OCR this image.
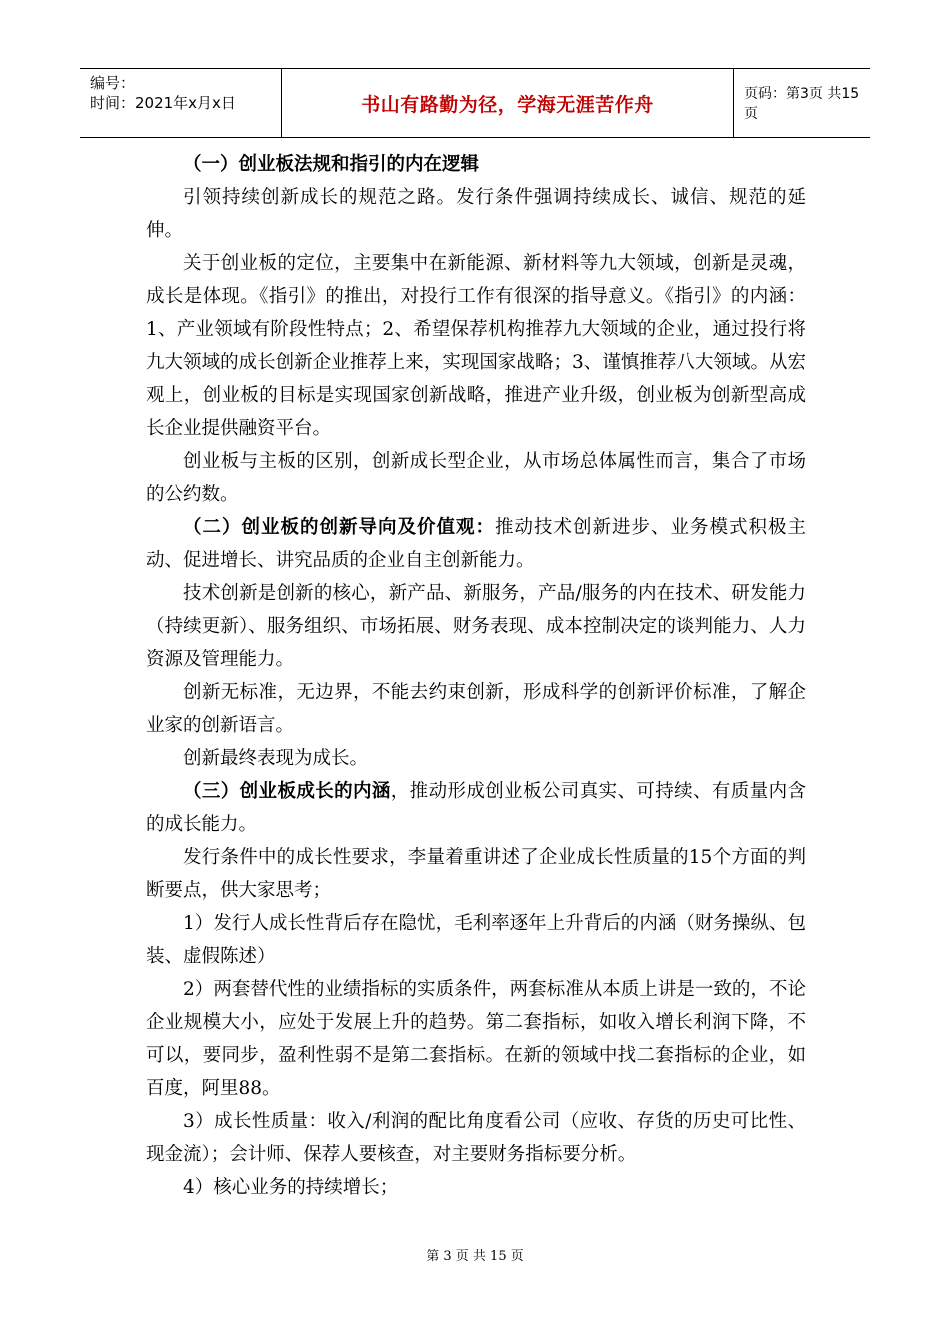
编号：
时间：2021年x月x日	书山有路勤为径，学海无涯苦作舟	页码：第3页 共15页

（一）创业板法规和指引的内在逻辑

引领持续创新成长的规范之路。发行条件强调持续成长、诚信、规范的延伸。

关于创业板的定位，主要集中在新能源、新材料等九大领域，创新是灵魂，成长是体现。《指引》的推出，对投行工作有很深的指导意义。《指引》的内涵：1、产业领域有阶段性特点；2、希望保荐机构推荐九大领域的企业，通过投行将九大领域的成长创新企业推荐上来，实现国家战略；3、谨慎推荐八大领域。从宏观上，创业板的目标是实现国家创新战略，推进产业升级，创业板为创新型高成长企业提供融资平台。

创业板与主板的区别，创新成长型企业，从市场总体属性而言，集合了市场的公约数。

（二）创业板的创新导向及价值观：推动技术创新进步、业务模式积极主动、促进增长、讲究品质的企业自主创新能力。

技术创新是创新的核心，新产品、新服务，产品/服务的内在技术、研发能力（持续更新）、服务组织、市场拓展、财务表现、成本控制决定的谈判能力、人力资源及管理能力。

创新无标准，无边界，不能去约束创新，形成科学的创新评价标准，了解企业家的创新语言。

创新最终表现为成长。

（三）创业板成长的内涵，推动形成创业板公司真实、可持续、有质量内含的成长能力。

发行条件中的成长性要求，李量着重讲述了企业成长性质量的15个方面的判断要点，供大家思考；

1）发行人成长性背后存在隐忧，毛利率逐年上升背后的内涵（财务操纵、包装、虚假陈述）

2）两套替代性的业绩指标的实质条件，两套标准从本质上讲是一致的，不论企业规模大小，应处于发展上升的趋势。第二套指标，如收入增长利润下降，不可以，要同步，盈利性弱不是第二套指标。在新的领域中找二套指标的企业，如百度，阿里88。

3）成长性质量：收入/利润的配比角度看公司（应收、存货的历史可比性、现金流）；会计师、保荐人要核查，对主要财务指标要分析。

4）核心业务的持续增长；

第 3 页 共 15 页
